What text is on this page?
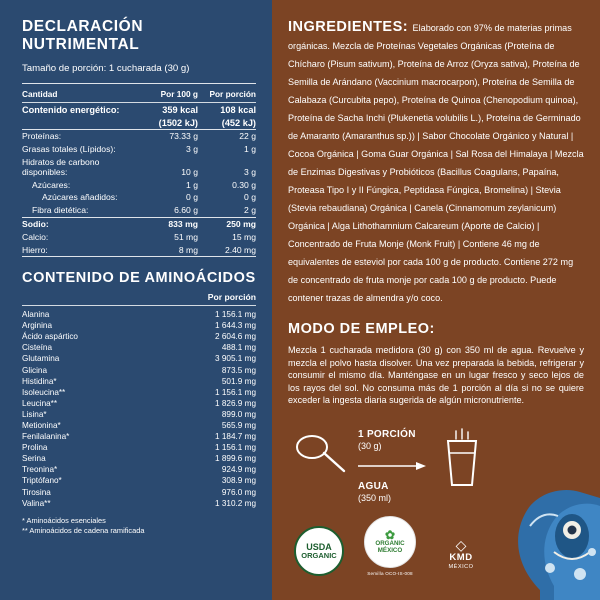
DECLARACIÓN NUTRIMENTAL
Tamaño de porción: 1 cucharada (30 g)
Cantidad	Por 100 g	Por porción
Contenido energético:	359 kcal	108 kcal
	(1502 kJ)	(452 kJ)
Proteínas:	73.33 g	22 g
Grasas totales (Lípidos):	3 g	1 g
Hidratos de carbono disponibles:	10 g	3 g
Azúcares:	1 g	0.30 g
Azúcares añadidos:	0 g	0 g
Fibra dietética:	6.60 g	2 g
Sodio:	833 mg	250 mg
Calcio:	51 mg	15 mg
Hierro:	8 mg	2.40 mg
CONTENIDO DE AMINOÁCIDOS
Por porción
Alanina	1 156.1 mg
Arginina	1 644.3 mg
Ácido aspártico	2 604.6 mg
Cisteína	488.1 mg
Glutamina	3 905.1 mg
Glicina	873.5 mg
Histidina*	501.9 mg
Isoleucina**	1 156.1 mg
Leucina**	1 826.9 mg
Lisina*	899.0 mg
Metionina*	565.9 mg
Fenilalanina*	1 184.7 mg
Prolina	1 156.1 mg
Serina	1 899.6 mg
Treonina*	924.9 mg
Triptófano*	308.9 mg
Tirosina	976.0 mg
Valina**	1 310.2 mg
* Aminoácidos esenciales
** Aminoácidos de cadena ramificada
INGREDIENTES: Elaborado con 97% de materias primas orgánicas. Mezcla de Proteínas Vegetales Orgánicas (Proteína de Chícharo (Pisum sativum), Proteína de Arroz (Oryza sativa), Proteína de Semilla de Arándano (Vaccinium macrocarpon), Proteína de Semilla de Calabaza (Curcubita pepo), Proteína de Quinoa (Chenopodium quinoa), Proteína de Sacha Inchi (Plukenetia volubilis L.), Proteína de Germinado de Amaranto (Amaranthus sp.)) | Sabor Chocolate Orgánico y Natural | Cocoa Orgánica | Goma Guar Orgánica | Sal Rosa del Himalaya | Mezcla de Enzimas Digestivas y Probióticos (Bacillus Coagulans, Papaína, Proteasa Tipo I y II Fúngica, Peptidasa Fúngica, Bromelina) | Stevia (Stevia rebaudiana) Orgánica | Canela (Cinnamomum zeylanicum) Orgánica | Alga Lithothamnium Calcareum (Aporte de Calcio) | Concentrado de Fruta Monje (Monk Fruit) | Contiene 46 mg de equivalentes de esteviol por cada 100 g de producto. Contiene 272 mg de concentrado de fruta monje por cada 100 g de producto. Puede contener trazas de almendra y/o coco.
MODO DE EMPLEO:
Mezcla 1 cucharada medidora (30 g) con 350 ml de agua. Revuelve y mezcla el polvo hasta disolver. Una vez preparada la bebida, refrigerar y consumir el mismo día. Manténgase en un lugar fresco y seco lejos de los rayos del sol. No consuma más de 1 porción al día si no se quiere exceder la ingesta diaria sugerida de algún micronutriente.
1 PORCIÓN
(30 g)
AGUA
(350 ml)
USDA
ORGANIC
✿
ORGANIC
MÉXICO
Semilla OCO-IS-008
◇
KMD
MÉXICO
